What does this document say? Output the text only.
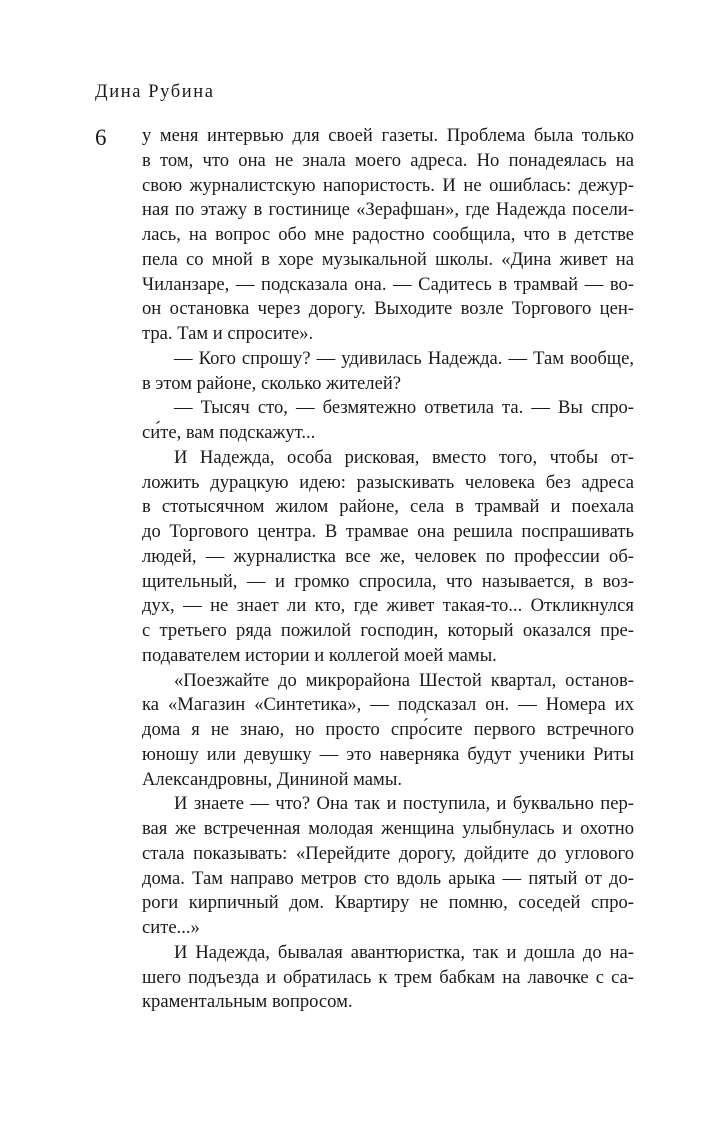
Дина Рубина
6 у меня интервью для своей газеты. Проблема была только
в том, что она не знала моего адреса. Но понадеялась на
свою журналистскую напористость. И не ошиблась: дежур-
ная по этажу в гостинице «Зерафшан», где Надежда посели-
лась, на вопрос обо мне радостно сообщила, что в детстве
пела со мной в хоре музыкальной школы. «Дина живет на
Чиланзаре, — подсказала она. — Садитесь в трамвай — во-
он остановка через дорогу. Выходите возле Торгового цен-
тра. Там и спросите».
— Кого спрошу? — удивилась Надежда. — Там вообще,
в этом районе, сколько жителей?
— Тысяч сто, — безмятежно ответила та. — Вы спро-
си́те, вам подскажут...
И Надежда, особа рисковая, вместо того, чтобы от-
ложить дурацкую идею: разыскивать человека без адреса
в стотысячном жилом районе, села в трамвай и поехала
до Торгового центра. В трамвае она решила поспрашивать
людей, — журналистка все же, человек по профессии об-
щительный, — и громко спросила, что называется, в воз-
дух, — не знает ли кто, где живет такая-то... Откликнулся
с третьего ряда пожилой господин, который оказался пре-
подавателем истории и коллегой моей мамы.
«Поезжайте до микрорайона Шестой квартал, останов-
ка «Магазин «Синтетика», — подсказал он. — Номера их
дома я не знаю, но просто спро́сите первого встречного
юношу или девушку — это наверняка будут ученики Риты
Александровны, Дининой мамы.
И знаете — что? Она так и поступила, и буквально пер-
вая же встреченная молодая женщина улыбнулась и охотно
стала показывать: «Перейдите дорогу, дойдите до углового
дома. Там направо метров сто вдоль арыка — пятый от до-
роги кирпичный дом. Квартиру не помню, соседей спро-
сите...»
И Надежда, бывалая авантюристка, так и дошла до на-
шего подъезда и обратилась к трем бабкам на лавочке с са-
краментальным вопросом.
